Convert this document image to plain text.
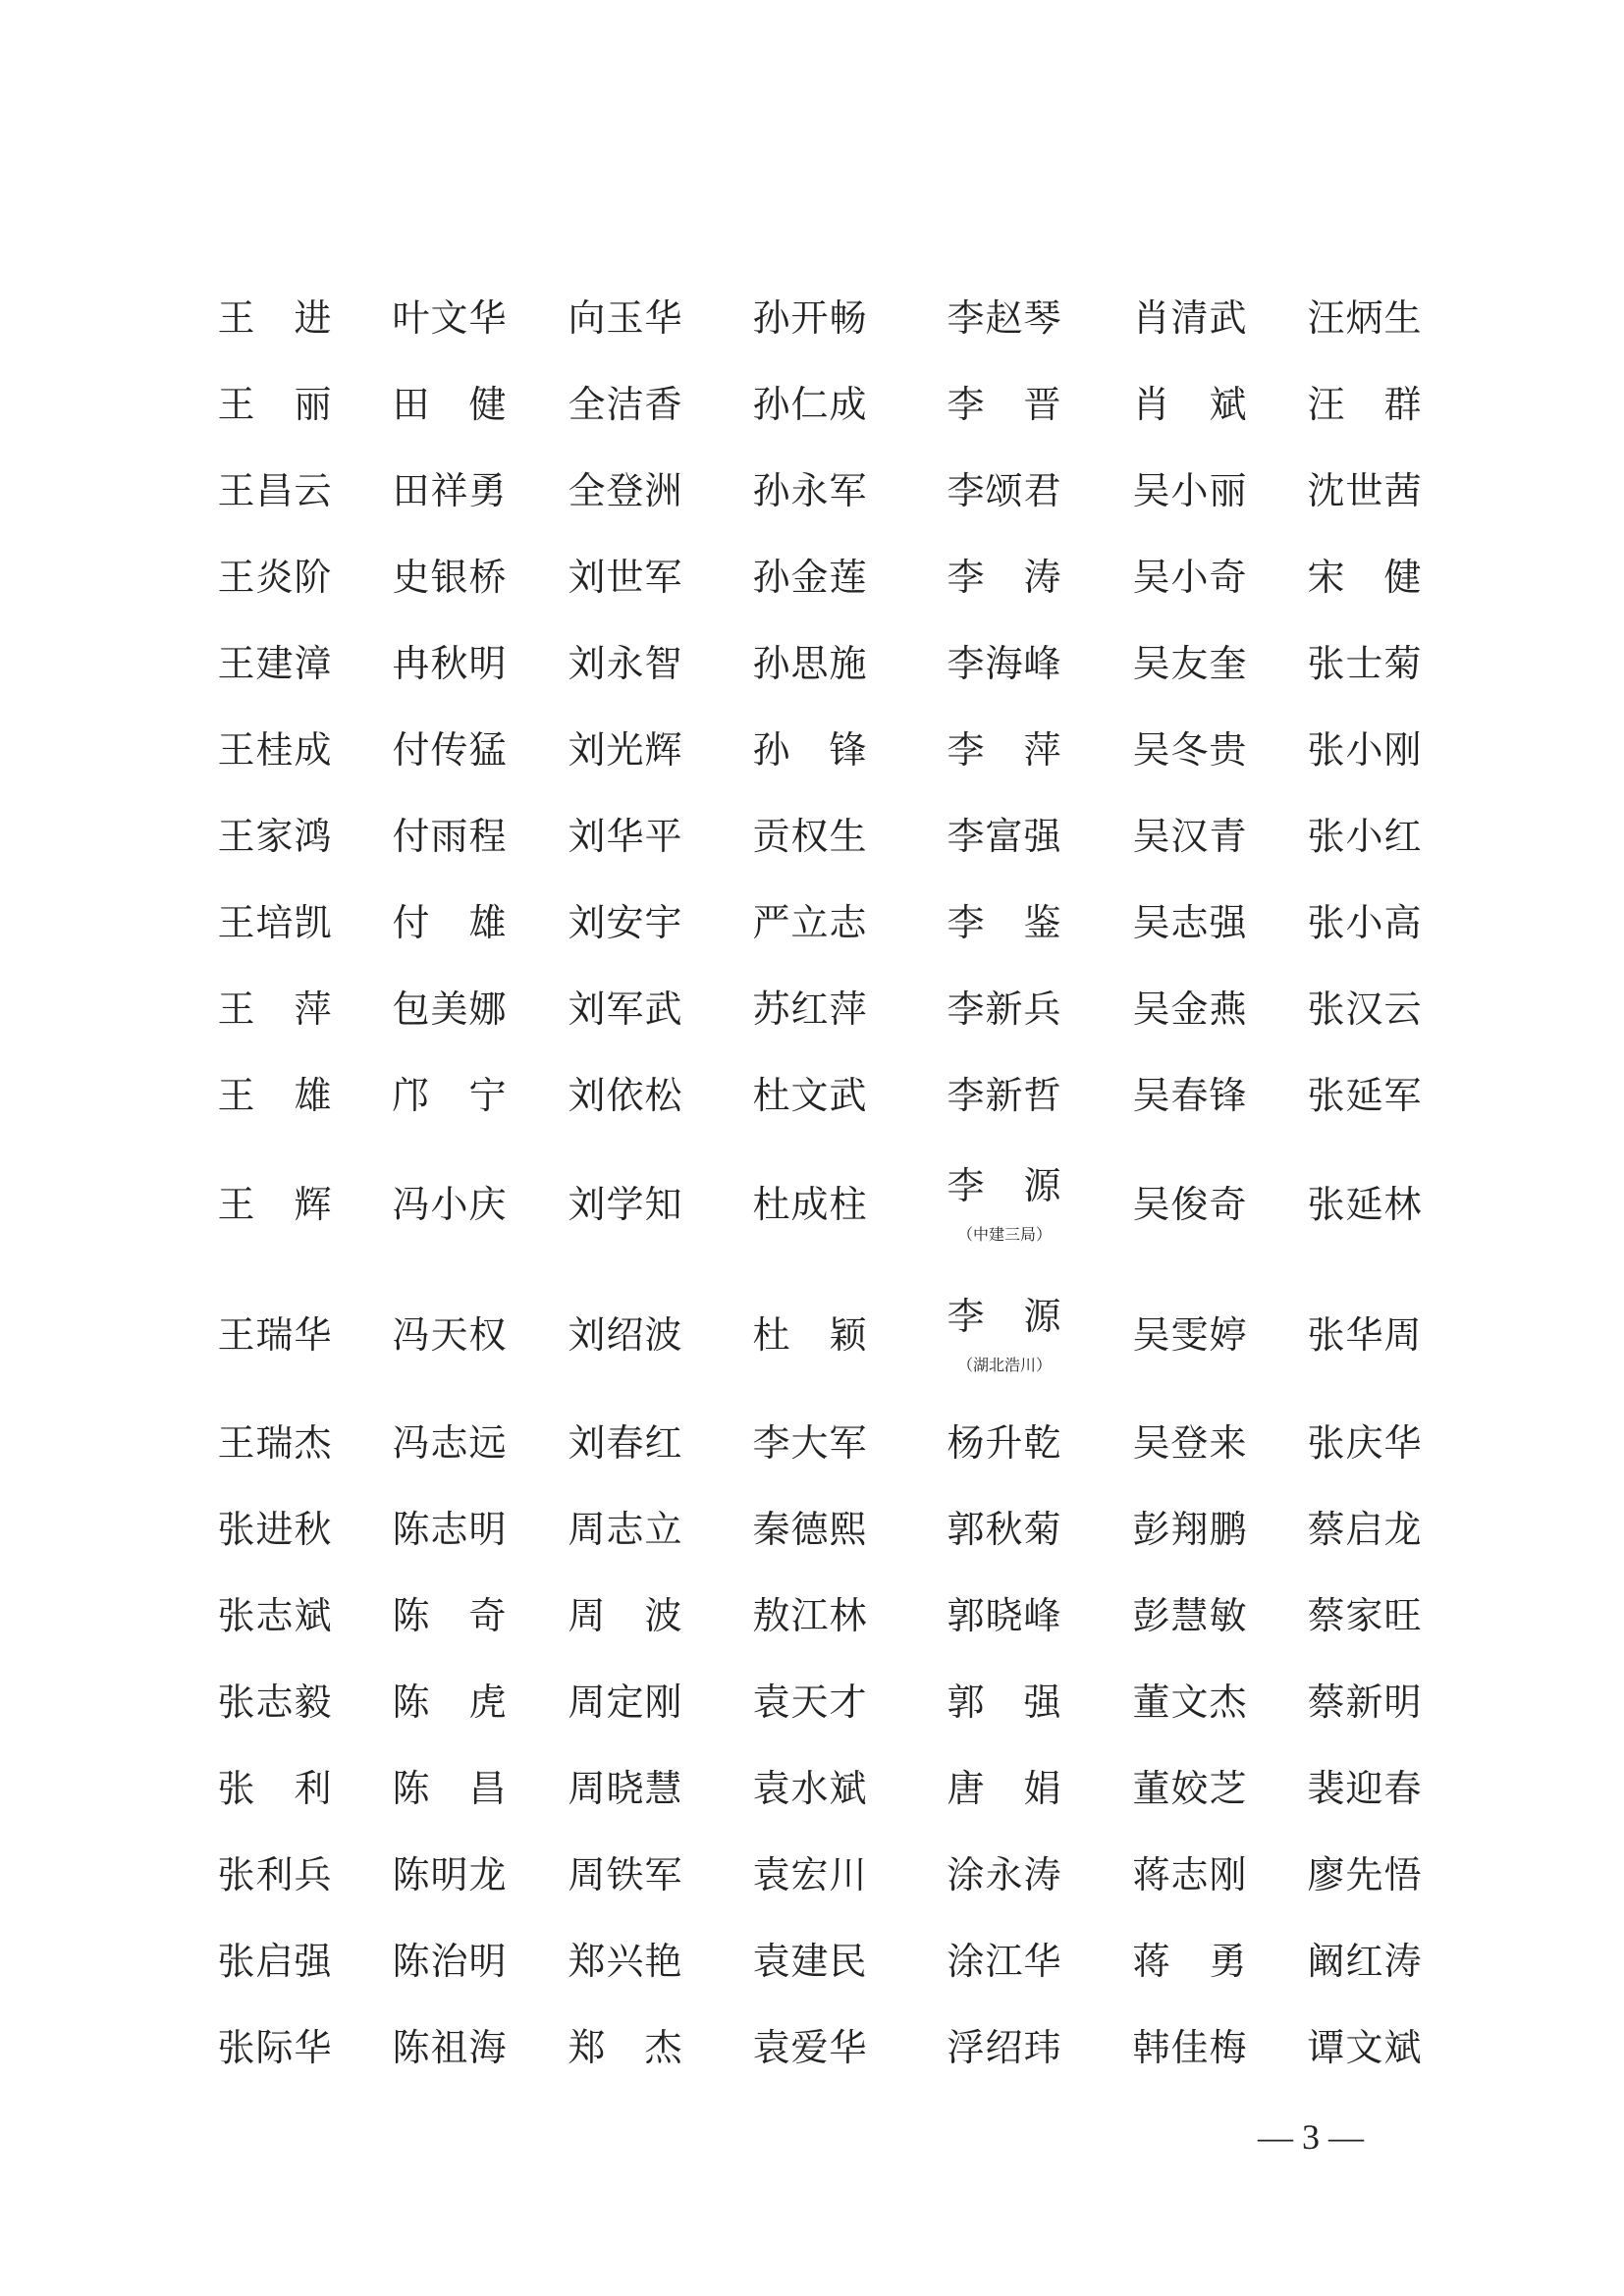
王　进 叶文华 向玉华 孙开畅 李赵琴 肖清武 汪炳生
王　丽 田　健 全洁香 孙仁成 李　晋 肖　斌 汪　群
王昌云 田祥勇 全登洲 孙永军 李颂君 吴小丽 沈世茜
王炎阶 史银桥 刘世军 孙金莲 李　涛 吴小奇 宋　健
王建漳 冉秋明 刘永智 孙思施 李海峰 吴友奎 张士菊
王桂成 付传猛 刘光辉 孙　锋 李　萍 吴冬贵 张小刚
王家鸿 付雨程 刘华平 贡权生 李富强 吴汉青 张小红
王培凯 付　雄 刘安宇 严立志 李　鉴 吴志强 张小高
王　萍 包美娜 刘军武 苏红萍 李新兵 吴金燕 张汉云
王　雄 邝　宁 刘依松 杜文武 李新哲 吴春锋 张延军
王　辉 冯小庆 刘学知 杜成柱 李　源
（中建三局）
吴俊奇 张延林
王瑞华 冯天权 刘绍波 杜　颖 李　源
（湖北浩川）
吴雯婷 张华周
王瑞杰 冯志远 刘春红 李大军 杨升乾 吴登来 张庆华
张进秋 陈志明 周志立 秦德熙 郭秋菊 彭翔鹏 蔡启龙
张志斌 陈　奇 周　波 敖江林 郭晓峰 彭慧敏 蔡家旺
张志毅 陈　虎 周定刚 袁天才 郭　强 董文杰 蔡新明
张　利 陈　昌 周晓慧 袁水斌 唐　娟 董姣芝 裴迎春
张利兵 陈明龙 周铁军 袁宏川 涂永涛 蒋志刚 廖先悟
张启强 陈治明 郑兴艳 袁建民 涂江华 蒋　勇 阚红涛
张际华 陈祖海 郑　杰 袁爱华 浮绍玮 韩佳梅 谭文斌
— 3 —
